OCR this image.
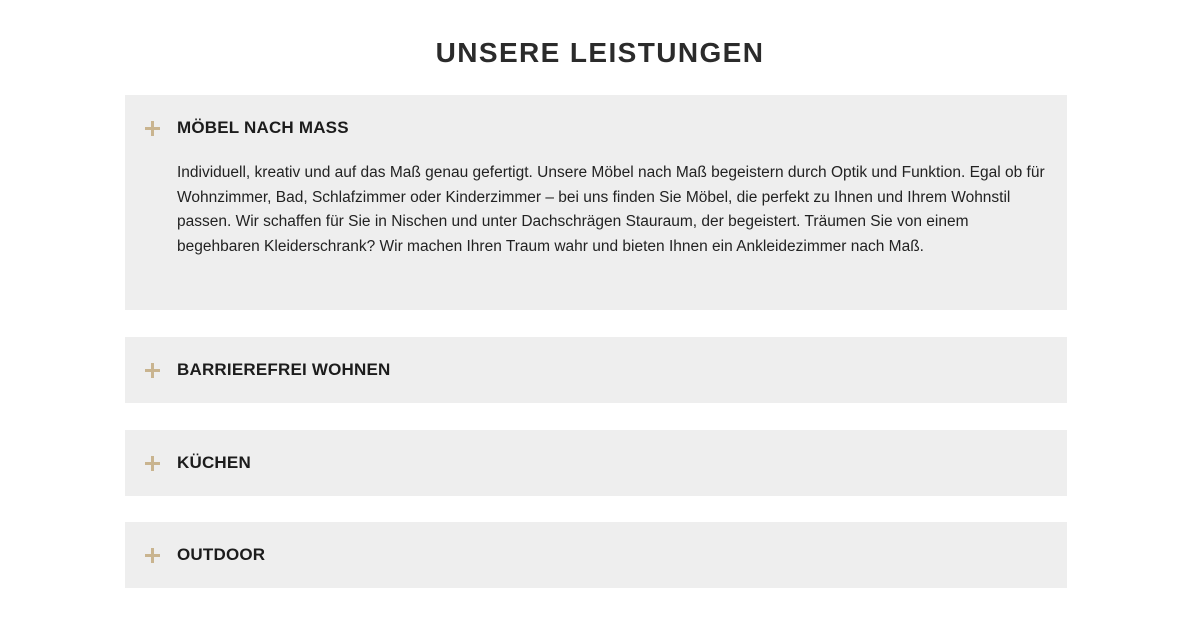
UNSERE LEISTUNGEN
MÖBEL NACH MASS

Individuell, kreativ und auf das Maß genau gefertigt. Unsere Möbel nach Maß begeistern durch Optik und Funktion. Egal ob für Wohnzimmer, Bad, Schlafzimmer oder Kinderzimmer – bei uns finden Sie Möbel, die perfekt zu Ihnen und Ihrem Wohnstil passen. Wir schaffen für Sie in Nischen und unter Dachschrägen Stauraum, der begeistert. Träumen Sie von einem begehbaren Kleiderschrank? Wir machen Ihren Traum wahr und bieten Ihnen ein Ankleidezimmer nach Maß.

BARRIEREFREI WOHNEN
KÜCHEN
OUTDOOR
